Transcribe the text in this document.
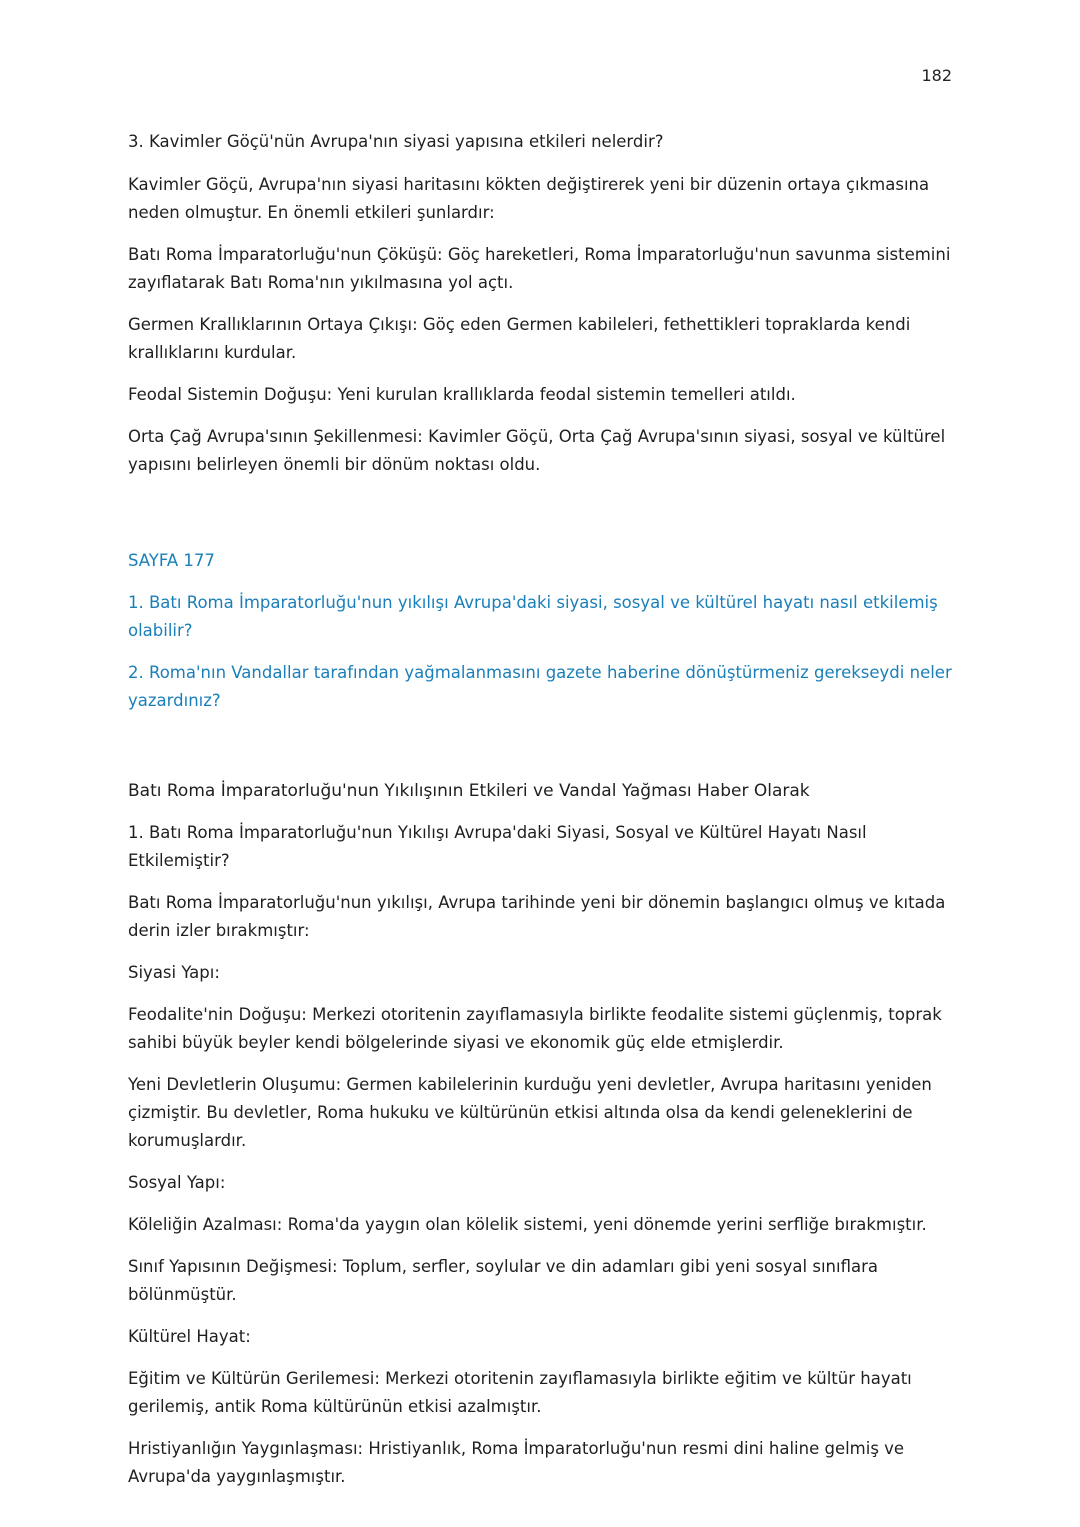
182

3. Kavimler Göçü'nün Avrupa'nın siyasi yapısına etkileri nelerdir?

Kavimler Göçü, Avrupa'nın siyasi haritasını kökten değiştirerek yeni bir düzenin ortaya çıkmasına neden olmuştur. En önemli etkileri şunlardır:

Batı Roma İmparatorluğu'nun Çöküşü: Göç hareketleri, Roma İmparatorluğu'nun savunma sistemini zayıflatarak Batı Roma'nın yıkılmasına yol açtı.

Germen Krallıklarının Ortaya Çıkışı: Göç eden Germen kabileleri, fethettikleri topraklarda kendi krallıklarını kurdular.

Feodal Sistemin Doğuşu: Yeni kurulan krallıklarda feodal sistemin temelleri atıldı.

Orta Çağ Avrupa'sının Şekillenmesi: Kavimler Göçü, Orta Çağ Avrupa'sının siyasi, sosyal ve kültürel yapısını belirleyen önemli bir dönüm noktası oldu.

SAYFA 177

1. Batı Roma İmparatorluğu'nun yıkılışı Avrupa'daki siyasi, sosyal ve kültürel hayatı nasıl etkilemiş olabilir?

2. Roma'nın Vandallar tarafından yağmalanmasını gazete haberine dönüştürmeniz gerekseydi neler yazardınız?

Batı Roma İmparatorluğu'nun Yıkılışının Etkileri ve Vandal Yağması Haber Olarak

1. Batı Roma İmparatorluğu'nun Yıkılışı Avrupa'daki Siyasi, Sosyal ve Kültürel Hayatı Nasıl Etkilemiştir?

Batı Roma İmparatorluğu'nun yıkılışı, Avrupa tarihinde yeni bir dönemin başlangıcı olmuş ve kıtada derin izler bırakmıştır:

Siyasi Yapı:

Feodalite'nin Doğuşu: Merkezi otoritenin zayıflamasıyla birlikte feodalite sistemi güçlenmiş, toprak sahibi büyük beyler kendi bölgelerinde siyasi ve ekonomik güç elde etmişlerdir.

Yeni Devletlerin Oluşumu: Germen kabilelerinin kurduğu yeni devletler, Avrupa haritasını yeniden çizmiştir. Bu devletler, Roma hukuku ve kültürünün etkisi altında olsa da kendi geleneklerini de korumuşlardır.

Sosyal Yapı:

Köleliğin Azalması: Roma'da yaygın olan kölelik sistemi, yeni dönemde yerini serfliğe bırakmıştır.

Sınıf Yapısının Değişmesi: Toplum, serfler, soylular ve din adamları gibi yeni sosyal sınıflara bölünmüştür.

Kültürel Hayat:

Eğitim ve Kültürün Gerilemesi: Merkezi otoritenin zayıflamasıyla birlikte eğitim ve kültür hayatı gerilemiş, antik Roma kültürünün etkisi azalmıştır.

Hristiyanlığın Yaygınlaşması: Hristiyanlık, Roma İmparatorluğu'nun resmi dini haline gelmiş ve Avrupa'da yaygınlaşmıştır.
